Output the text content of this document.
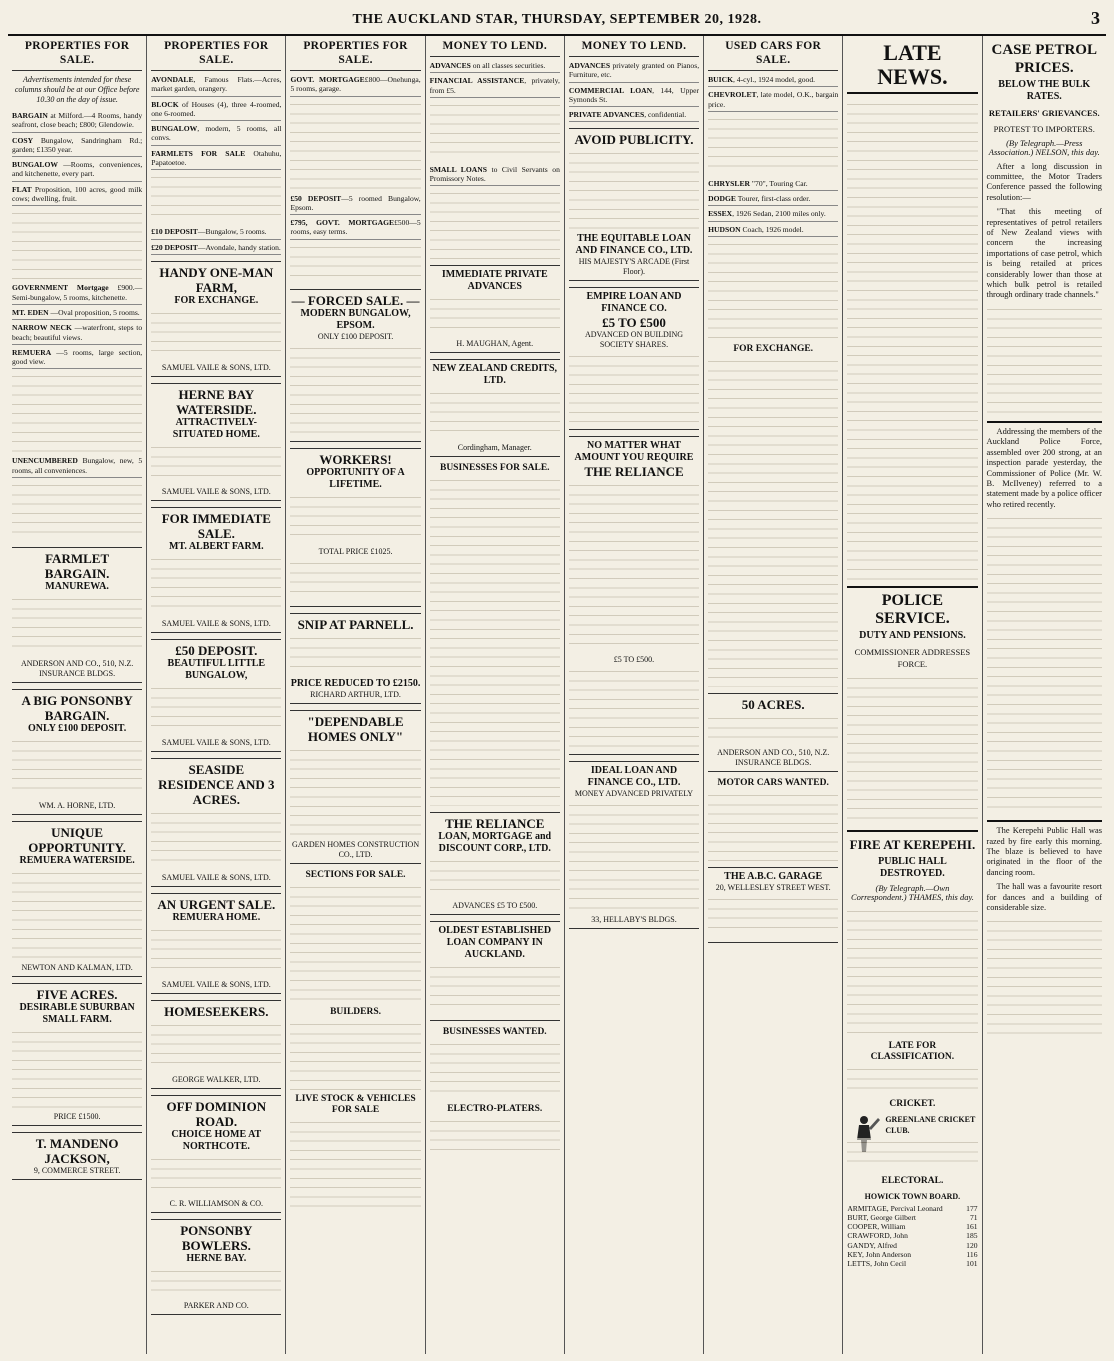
THE AUCKLAND STAR, THURSDAY, SEPTEMBER 20, 1928.	3
PROPERTIES FOR SALE.
Advertisements intended for these columns should be at our Office before 10.30 on the day of issue.

BARGAIN at Milford.—4 Rooms, handy seafront, close beach; £800; Glendowie.

COSY Bungalow, Sandringham Rd.; garden; £1350 year.

BUNGALOW —Rooms, conveniences, and kitchenette, every part.

FLAT Proposition, 100 acres, good milk cows; dwelling, fruit.

GOVERNMENT Mortgage £900.—Semi-bungalow, 5 rooms, kitchenette.

MT. EDEN —Oval proposition, 5 rooms.

NARROW NECK —waterfront, steps to beach; beautiful views.

REMUERA —5 rooms, large section, good view.

UNENCUMBERED Bungalow, new, 5 rooms, all conveniences.

FARMLET BARGAIN.
MANUREWA.
ANDERSON AND CO., 510, N.Z. INSURANCE BLDGS.
A BIG PONSONBY BARGAIN.
ONLY £100 DEPOSIT.
WM. A. HORNE, LTD.
UNIQUE OPPORTUNITY.
REMUERA WATERSIDE.
NEWTON AND KALMAN, LTD.
FIVE ACRES.
DESIRABLE SUBURBAN SMALL FARM.
PRICE £1500.
T. MANDENO JACKSON,
9, COMMERCE STREET.
PROPERTIES FOR SALE.

AVONDALE, Famous Flats.—Acres, market garden, orangery.

BLOCK of Houses (4), three 4-roomed, one 6-roomed.

BUNGALOW, modern, 5 rooms, all convs.

FARMLETS FOR SALE Otahuhu, Papatoetoe.

£10 DEPOSIT—Bungalow, 5 rooms.

£20 DEPOSIT—Avondale, handy station.

HANDY ONE-MAN FARM,
FOR EXCHANGE.
SAMUEL VAILE & SONS, LTD.
HERNE BAY WATERSIDE.
ATTRACTIVELY-SITUATED HOME.
SAMUEL VAILE & SONS, LTD.
FOR IMMEDIATE SALE.
MT. ALBERT FARM.
SAMUEL VAILE & SONS, LTD.
£50 DEPOSIT.
BEAUTIFUL LITTLE BUNGALOW,
SAMUEL VAILE & SONS, LTD.
SEASIDE RESIDENCE AND 3 ACRES.
SAMUEL VAILE & SONS, LTD.
AN URGENT SALE.
REMUERA HOME.
SAMUEL VAILE & SONS, LTD.
HOMESEEKERS.
GEORGE WALKER, LTD.
OFF DOMINION ROAD.
CHOICE HOME AT NORTHCOTE.
C. R. WILLIAMSON & CO.
PONSONBY BOWLERS.
HERNE BAY.
PARKER AND CO.
PROPERTIES FOR SALE.

GOVT. MORTGAGE£800—Onehunga, 5 rooms, garage.

£50 DEPOSIT—5 roomed Bungalow, Epsom.

£795, GOVT. MORTGAGE£500—5 rooms, easy terms.

— FORCED SALE. —
MODERN BUNGALOW, EPSOM.
ONLY £100 DEPOSIT.
WORKERS!
OPPORTUNITY OF A LIFETIME.
TOTAL PRICE £1025.
SNIP AT PARNELL.
PRICE REDUCED TO £2150.
RICHARD ARTHUR, LTD.
"DEPENDABLE HOMES ONLY"
GARDEN HOMES CONSTRUCTION CO., LTD.
SECTIONS FOR SALE.
BUILDERS.
LIVE STOCK & VEHICLES FOR SALE
MONEY TO LEND.

ADVANCES on all classes securities.

FINANCIAL ASSISTANCE, privately, from £5.

SMALL LOANS to Civil Servants on Promissory Notes.

IMMEDIATE PRIVATE ADVANCES
H. MAUGHAN, Agent.
NEW ZEALAND CREDITS, LTD.
Cordingham, Manager.
BUSINESSES FOR SALE.
THE RELIANCE
LOAN, MORTGAGE and DISCOUNT CORP., LTD.
ADVANCES £5 TO £500.
OLDEST ESTABLISHED LOAN COMPANY IN AUCKLAND.
BUSINESSES WANTED.
ELECTRO-PLATERS.
MONEY TO LEND.

ADVANCES privately granted on Pianos, Furniture, etc.

COMMERCIAL LOAN, 144, Upper Symonds St.

PRIVATE ADVANCES, confidential.

AVOID PUBLICITY.
THE EQUITABLE LOAN AND FINANCE CO., LTD.
HIS MAJESTY'S ARCADE (First Floor).
EMPIRE LOAN AND FINANCE CO.
£5 TO £500
ADVANCED ON BUILDING SOCIETY SHARES.
NO MATTER WHAT AMOUNT YOU REQUIRE
THE RELIANCE
£5 TO £500.
IDEAL LOAN AND FINANCE CO., LTD.
MONEY ADVANCED PRIVATELY
33, HELLABY'S BLDGS.
USED CARS FOR SALE.

BUICK, 4-cyl., 1924 model, good.

CHEVROLET, late model, O.K., bargain price.

CHRYSLER "70", Touring Car.

DODGE Tourer, first-class order.

ESSEX, 1926 Sedan, 2100 miles only.

HUDSON Coach, 1926 model.

FOR EXCHANGE.
50 ACRES.
ANDERSON AND CO., 510, N.Z. INSURANCE BLDGS.
MOTOR CARS WANTED.
THE A.B.C. GARAGE
20, WELLESLEY STREET WEST.
LATE NEWS.
POLICE SERVICE.
DUTY AND PENSIONS.
COMMISSIONER ADDRESSES FORCE.
FIRE AT KEREPEHI.
PUBLIC HALL DESTROYED.
(By Telegraph.—Own Correspondent.) THAMES, this day.
LATE FOR CLASSIFICATION.
CRICKET.
GREENLANE CRICKET CLUB.
ELECTORAL.
HOWICK TOWN BOARD.
ARMITAGE, Percival Leonard	177
BURT, George Gilbert	71
COOPER, William	161
CRAWFORD, John	185
GANDY, Alfred	120
KEY, John Anderson	116
LETTS, John Cecil	101
CASE PETROL PRICES.
BELOW THE BULK RATES.
RETAILERS' GRIEVANCES.
PROTEST TO IMPORTERS.
(By Telegraph.—Press Association.) NELSON, this day.

After a long discussion in committee, the Motor Traders Conference passed the following resolution:—

"That this meeting of representatives of petrol retailers of New Zealand views with concern the increasing importations of case petrol, which is being retailed at prices considerably lower than those at which bulk petrol is retailed through ordinary trade channels."

Addressing the members of the Auckland Police Force, assembled over 200 strong, at an inspection parade yesterday, the Commissioner of Police (Mr. W. B. McIlveney) referred to a statement made by a police officer who retired recently.

The Kerepehi Public Hall was razed by fire early this morning. The blaze is believed to have originated in the floor of the dancing room.

The hall was a favourite resort for dances and a building of considerable size.
